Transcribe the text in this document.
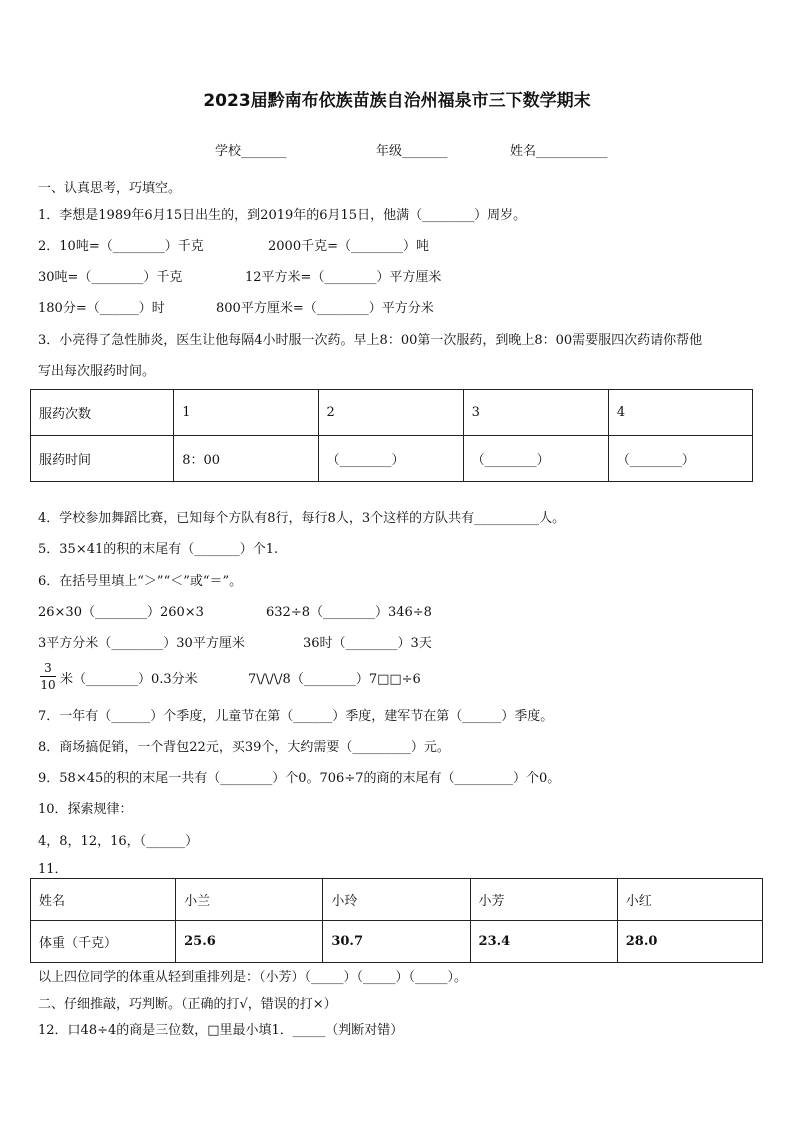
2023届黔南布依族苗族自治州福泉市三下数学期末
学校_______	年级_______	姓名___________
一、认真思考，巧填空。
1．李想是1989年6月15日出生的，到2019年的6月15日，他满（________）周岁。
2．10吨=（________）千克	2000千克=（________）吨
30吨=（________）千克	12平方米=（________）平方厘米
180分=（______）时	800平方厘米=（________）平方分米
3．小亮得了急性肺炎，医生让他每隔4小时服一次药。早上8：00第一次服药，到晚上8：00需要服四次药请你帮他
写出每次服药时间。
服药次数	1	2	3	4
服药时间	8：00	（________）	（________）	（________）
4．学校参加舞蹈比赛，已知每个方队有8行，每行8人，3个这样的方队共有__________人。
5．35×41的积的末尾有（_______）个1.
6．在括号里填上“＞”“＜”或“＝”。
26×30（________）260×3	632÷8（________）346÷8
3平方分米（________）30平方厘米	36时（________）3天
3
10 米（________）0.3分米	7\/\/\/8（________）7□□÷6
7．一年有（______）个季度，儿童节在第（______）季度，建军节在第（______）季度。
8．商场搞促销，一个背包22元，买39个，大约需要（_________）元。
9．58×45的积的末尾一共有（________）个0。706÷7的商的末尾有（_________）个0。
10．探索规律：
4，8，12，16，（______）
11．
姓名	小兰	小玲	小芳	小红
体重（千克）	25.6	30.7	23.4	28.0
以上四位同学的体重从轻到重排列是：（小芳）（_____）（_____）（_____）。
二、仔细推敲，巧判断。（正确的打√，错误的打×）
12．口48÷4的商是三位数，□里最小填1．_____（判断对错）
